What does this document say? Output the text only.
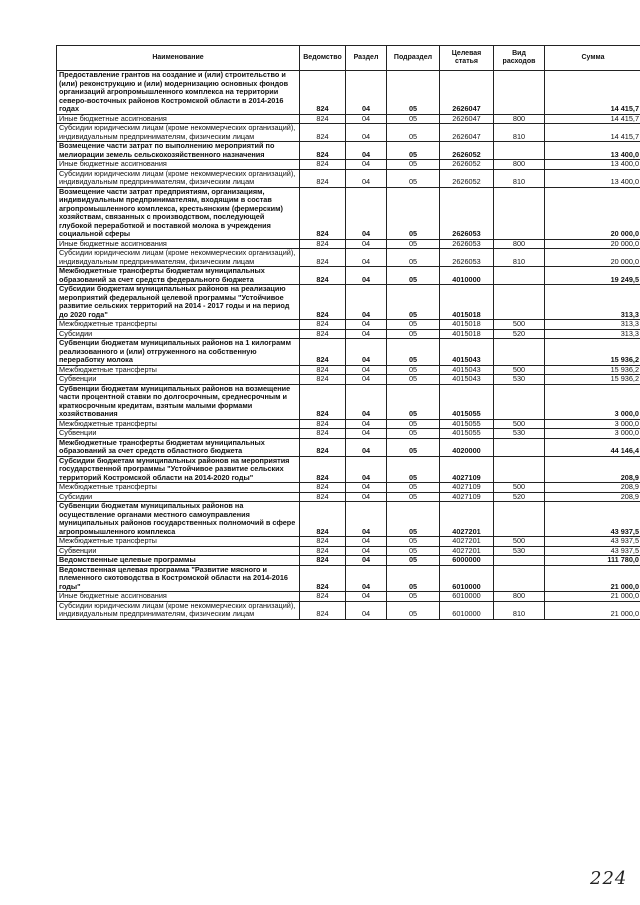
Наименование	Ведомство	Раздел	Подраздел	Целевая статья	Вид расходов	Сумма
Предоставление грантов на создание и (или) строительство и (или) реконструкцию и (или) модернизацию основных фондов организаций агропромышленного комплекса на территории северо-восточных районов Костромской области в 2014-2016 годах	824	04	05	2626047		14 415,7
Иные бюджетные ассигнования	824	04	05	2626047	800	14 415,7
Субсидии юридическим лицам (кроме некоммерческих организаций), индивидуальным предпринимателям, физическим лицам	824	04	05	2626047	810	14 415,7
Возмещение части затрат по выполнению мероприятий по мелиорации земель сельскохозяйственного назначения	824	04	05	2626052		13 400,0
Иные бюджетные ассигнования	824	04	05	2626052	800	13 400,0
Субсидии юридическим лицам (кроме некоммерческих организаций), индивидуальным предпринимателям, физическим лицам	824	04	05	2626052	810	13 400,0
Возмещение части затрат предприятиям, организациям, индивидуальным предпринимателям, входящим в состав агропромышленного комплекса, крестьянским (фермерским) хозяйствам, связанных с производством, последующей глубокой переработкой и поставкой молока в учреждения социальной сферы	824	04	05	2626053		20 000,0
Иные бюджетные ассигнования	824	04	05	2626053	800	20 000,0
Субсидии юридическим лицам (кроме некоммерческих организаций), индивидуальным предпринимателям, физическим лицам	824	04	05	2626053	810	20 000,0
Межбюджетные трансферты бюджетам муниципальных образований за счет средств федерального бюджета	824	04	05	4010000		19 249,5
Субсидии бюджетам муниципальных районов на реализацию мероприятий федеральной целевой программы "Устойчивое развитие сельских территорий на 2014 - 2017 годы и на период до 2020 года"	824	04	05	4015018		313,3
Межбюджетные трансферты	824	04	05	4015018	500	313,3
Субсидии	824	04	05	4015018	520	313,3
Субвенции бюджетам муниципальных районов на 1 килограмм реализованного и (или) отгруженного на собственную переработку молока	824	04	05	4015043		15 936,2
Межбюджетные трансферты	824	04	05	4015043	500	15 936,2
Субвенции	824	04	05	4015043	530	15 936,2
Субвенции бюджетам муниципальных районов на возмещение части процентной ставки по долгосрочным, среднесрочным и краткосрочным кредитам, взятым малыми формами хозяйствования	824	04	05	4015055		3 000,0
Межбюджетные трансферты	824	04	05	4015055	500	3 000,0
Субвенции	824	04	05	4015055	530	3 000,0
Межбюджетные трансферты бюджетам муниципальных образований за счет средств областного бюджета	824	04	05	4020000		44 146,4
Субсидии бюджетам муниципальных районов на мероприятия государственной программы "Устойчивое развитие сельских территорий Костромской области на 2014-2020 годы"	824	04	05	4027109		208,9
Межбюджетные трансферты	824	04	05	4027109	500	208,9
Субсидии	824	04	05	4027109	520	208,9
Субвенции бюджетам муниципальных районов на осуществление органами местного самоуправления муниципальных районов государственных полномочий в сфере агропромышленного комплекса	824	04	05	4027201		43 937,5
Межбюджетные трансферты	824	04	05	4027201	500	43 937,5
Субвенции	824	04	05	4027201	530	43 937,5
Ведомственные целевые программы	824	04	05	6000000		111 780,0
Ведомственная целевая программа "Развитие мясного и племенного скотоводства в Костромской области на 2014-2016 годы"	824	04	05	6010000		21 000,0
Иные бюджетные ассигнования	824	04	05	6010000	800	21 000,0
Субсидии юридическим лицам (кроме некоммерческих организаций), индивидуальным предпринимателям, физическим лицам	824	04	05	6010000	810	21 000,0
224
